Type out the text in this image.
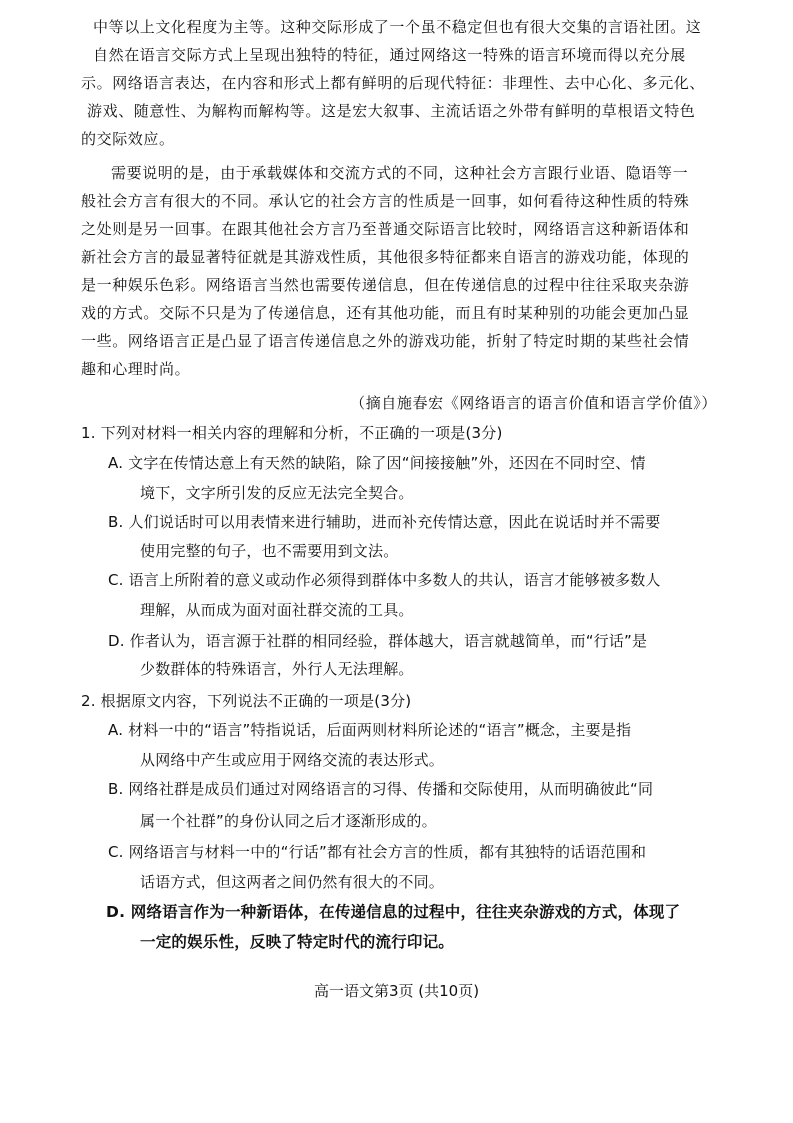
中等以上文化程度为主等。这种交际形成了一个虽不稳定但也有很大交集的言语社团。这
自然在语言交际方式上呈现出独特的特征，通过网络这一特殊的语言环境而得以充分展
示。网络语言表达，在内容和形式上都有鲜明的后现代特征：非理性、去中心化、多元化、
游戏、随意性、为解构而解构等。这是宏大叙事、主流话语之外带有鲜明的草根语文特色
的交际效应。
需要说明的是，由于承载媒体和交流方式的不同，这种社会方言跟行业语、隐语等一
般社会方言有很大的不同。承认它的社会方言的性质是一回事，如何看待这种性质的特殊
之处则是另一回事。在跟其他社会方言乃至普通交际语言比较时，网络语言这种新语体和
新社会方言的最显著特征就是其游戏性质，其他很多特征都来自语言的游戏功能，体现的
是一种娱乐色彩。网络语言当然也需要传递信息，但在传递信息的过程中往往采取夹杂游
戏的方式。交际不只是为了传递信息，还有其他功能，而且有时某种别的功能会更加凸显
一些。网络语言正是凸显了语言传递信息之外的游戏功能，折射了特定时期的某些社会情
趣和心理时尚。
（摘自施春宏《网络语言的语言价值和语言学价值》）
1. 下列对材料一相关内容的理解和分析，不正确的一项是(3分)
A. 文字在传情达意上有天然的缺陷，除了因“间接接触”外，还因在不同时空、情
境下，文字所引发的反应无法完全契合。
B. 人们说话时可以用表情来进行辅助，进而补充传情达意，因此在说话时并不需要
使用完整的句子，也不需要用到文法。
C. 语言上所附着的意义或动作必须得到群体中多数人的共认，语言才能够被多数人
理解，从而成为面对面社群交流的工具。
D. 作者认为，语言源于社群的相同经验，群体越大，语言就越简单，而“行话”是
少数群体的特殊语言，外行人无法理解。
2. 根据原文内容，下列说法不正确的一项是(3分)
A. 材料一中的“语言”特指说话，后面两则材料所论述的“语言”概念，主要是指
从网络中产生或应用于网络交流的表达形式。
B. 网络社群是成员们通过对网络语言的习得、传播和交际使用，从而明确彼此“同
属一个社群”的身份认同之后才逐渐形成的。
C. 网络语言与材料一中的“行话”都有社会方言的性质，都有其独特的话语范围和
话语方式，但这两者之间仍然有很大的不同。
D. 网络语言作为一种新语体，在传递信息的过程中，往往夹杂游戏的方式，体现了
一定的娱乐性，反映了特定时代的流行印记。
高一语文第3页 (共10页)
